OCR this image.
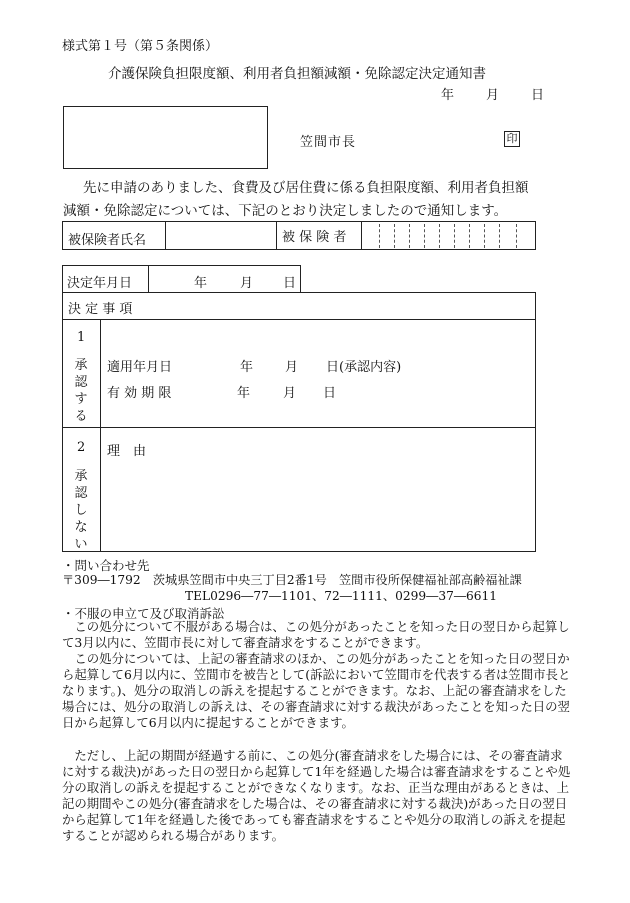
様式第１号（第５条関係）
介護保険負担限度額、利用者負担額減額・免除認定決定通知書
年 月 日
笠間市長	印
先に申請のありました、食費及び居住費に係る負担限度額、利用者負担額
減額・免除認定については、下記のとおり決定しましたので通知します。
被保険者氏名	被 保 険 者
決定年月日	年	月 日
決 定 事 項
1
承認する
適用年月日	年 月 日(承認内容)
有 効 期 限	年	月 日
2
承認しない
理　由
・問い合わせ先
〒309―1792　茨城県笠間市中央三丁目2番1号　笠間市役所保健福祉部高齢福祉課
TEL0296―77―1101、72―1111、0299―37―6611
・不服の申立て及び取消訴訟
　この処分について不服がある場合は、この処分があったことを知った日の翌日から起算して3月以内に、笠間市長に対して審査請求をすることができます。
　この処分については、上記の審査請求のほか、この処分があったことを知った日の翌日から起算して6月以内に、笠間市を被告として(訴訟において笠間市を代表する者は笠間市長となります。)、処分の取消しの訴えを提起することができます。なお、上記の審査請求をした場合には、処分の取消しの訴えは、その審査請求に対する裁決があったことを知った日の翌日から起算して6月以内に提起することができます。
　ただし、上記の期間が経過する前に、この処分(審査請求をした場合には、その審査請求に対する裁決)があった日の翌日から起算して1年を経過した場合は審査請求をすることや処分の取消しの訴えを提起することができなくなります。なお、正当な理由があるときは、上記の期間やこの処分(審査請求をした場合は、その審査請求に対する裁決)があった日の翌日から起算して1年を経過した後であっても審査請求をすることや処分の取消しの訴えを提起することが認められる場合があります。
